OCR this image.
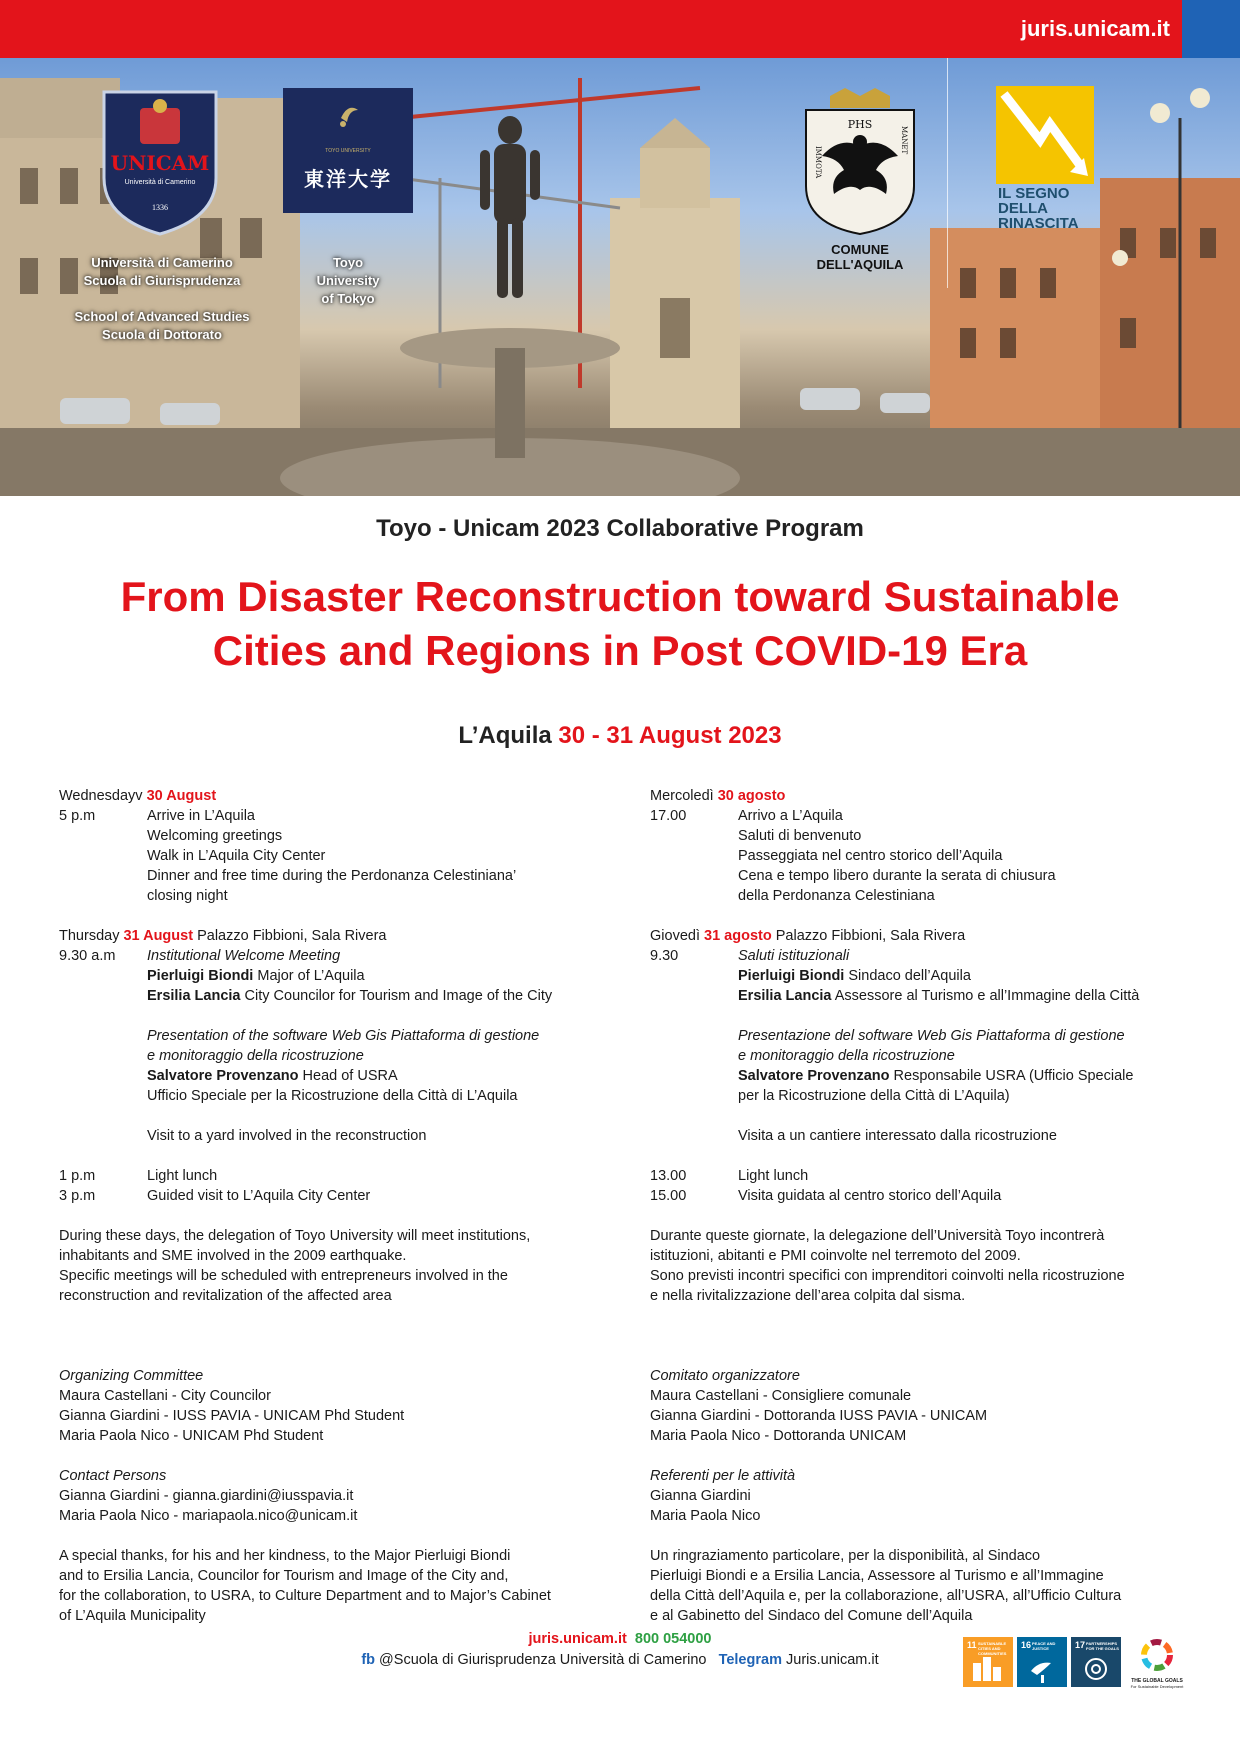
juris.unicam.it
UNICAM
Università di Camerino
1336
Università di Camerino
Scuola di Giurisprudenza
School of Advanced Studies
Scuola di Dottorato
TOYO UNIVERSITY
東洋大学
Toyo
University
of Tokyo
PHS
IMMOTA
MANET
COMUNE DELL'AQUILA
IL SEGNO
DELLA
RINASCITA
Toyo - Unicam 2023 Collaborative Program
From Disaster Reconstruction toward Sustainable
Cities and Regions in Post COVID-19 Era
L’Aquila 30 - 31 August 2023
Wednesdayv 30 August
5 p.m	Arrive in L’Aquila
Welcoming greetings
Walk in L’Aquila City Center
Dinner and free time during the Perdonanza Celestiniana’
closing night
Thursday 31 August Palazzo Fibbioni, Sala Rivera
9.30 a.m	Institutional Welcome Meeting
Pierluigi Biondi Major of L’Aquila
Ersilia Lancia City Councilor for Tourism and Image of the City
Presentation of the software Web Gis Piattaforma di gestione
e monitoraggio della ricostruzione
Salvatore Provenzano Head of USRA
Ufficio Speciale per la Ricostruzione della Città di L’Aquila
Visit to a yard involved in the reconstruction
1 p.m	Light lunch
3 p.m	Guided visit to L’Aquila City Center
During these days, the delegation of Toyo University will meet institutions,
inhabitants and SME involved in the 2009 earthquake.
Specific meetings will be scheduled with entrepreneurs involved in the
reconstruction and revitalization of the affected area
Organizing Committee
Maura Castellani - City Councilor
Gianna Giardini - IUSS PAVIA - UNICAM Phd Student
Maria Paola Nico - UNICAM Phd Student
Contact Persons
Gianna Giardini - gianna.giardini@iusspavia.it
Maria Paola Nico - mariapaola.nico@unicam.it
A special thanks, for his and her kindness, to the Major Pierluigi Biondi
and to Ersilia Lancia, Councilor for Tourism and Image of the City and,
for the collaboration, to USRA, to Culture Department and to Major’s Cabinet
of L’Aquila Municipality
Mercoledì 30 agosto
17.00	Arrivo a L’Aquila
Saluti di benvenuto
Passeggiata nel centro storico dell’Aquila
Cena e tempo libero durante la serata di chiusura
della Perdonanza Celestiniana
Giovedì 31 agosto Palazzo Fibbioni, Sala Rivera
9.30	Saluti istituzionali
Pierluigi Biondi Sindaco dell’Aquila
Ersilia Lancia Assessore al Turismo e all’Immagine della Città
Presentazione del software Web Gis Piattaforma di gestione
e monitoraggio della ricostruzione
Salvatore Provenzano Responsabile USRA (Ufficio Speciale
per la Ricostruzione della Città di L’Aquila)
Visita a un cantiere interessato dalla ricostruzione
13.00	Light lunch
15.00	Visita guidata al centro storico dell’Aquila
Durante queste giornate, la delegazione dell’Università Toyo incontrerà
istituzioni, abitanti e PMI coinvolte nel terremoto del 2009.
Sono previsti incontri specifici con imprenditori coinvolti nella ricostruzione
e nella rivitalizzazione dell’area colpita dal sisma.
Comitato organizzatore
Maura Castellani - Consigliere comunale
Gianna Giardini - Dottoranda IUSS PAVIA - UNICAM
Maria Paola Nico - Dottoranda UNICAM
Referenti per le attività
Gianna Giardini
Maria Paola Nico
Un ringraziamento particolare, per la disponibilità, al Sindaco
Pierluigi Biondi e a Ersilia Lancia, Assessore al Turismo e all’Immagine
della Città dell’Aquila e, per la collaborazione, all’USRA, all’Ufficio Cultura
e al Gabinetto del Sindaco del Comune dell’Aquila
juris.unicam.it 800 054000
fb @Scuola di Giurisprudenza Università di Camerino Telegram Juris.unicam.it
11 SUSTAINABLE CITIES AND COMMUNITIES
16 PEACE AND JUSTICE	17 PARTNERSHIPS FOR THE GOALS
THE GLOBAL GOALS
For Sustainable Development
